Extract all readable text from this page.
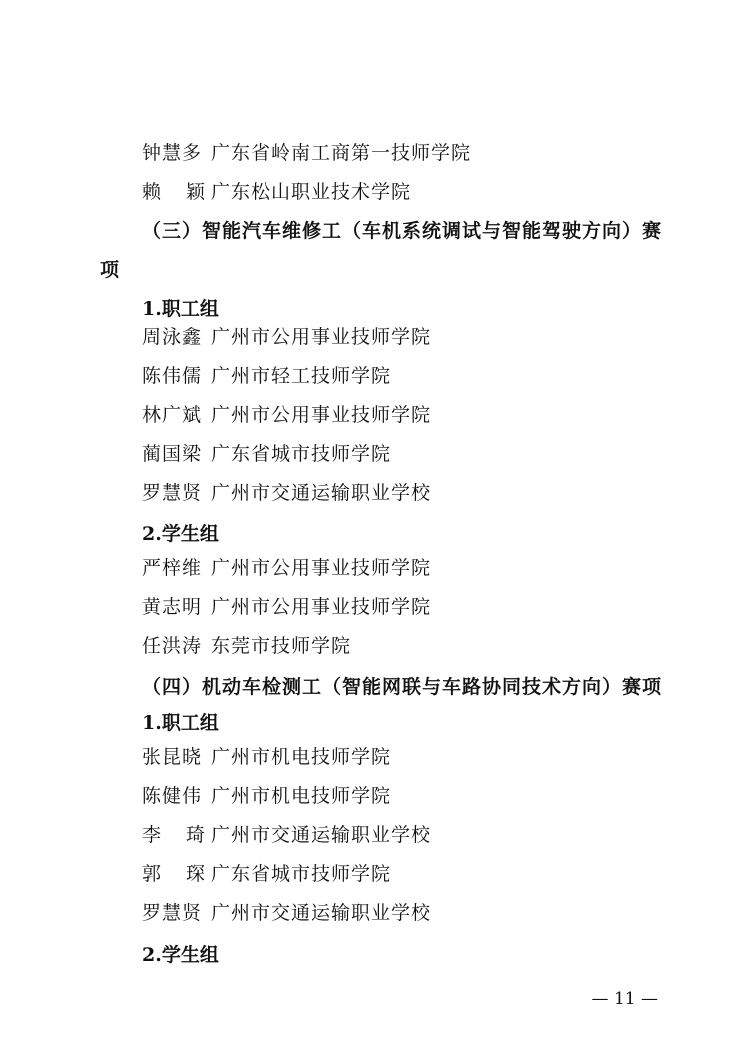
钟慧多 广东省岭南工商第一技师学院
赖 颖 广东松山职业技术学院
（三）智能汽车维修工（车机系统调试与智能驾驶方向）赛
项
1.职工组
周泳鑫 广州市公用事业技师学院
陈伟儒 广州市轻工技师学院
林广斌 广州市公用事业技师学院
蔺国梁 广东省城市技师学院
罗慧贤 广州市交通运输职业学校
2.学生组
严梓维 广州市公用事业技师学院
黄志明 广州市公用事业技师学院
任洪涛 东莞市技师学院
（四）机动车检测工（智能网联与车路协同技术方向）赛项
1.职工组
张昆晓 广州市机电技师学院
陈健伟 广州市机电技师学院
李 琦 广州市交通运输职业学校
郭 琛 广东省城市技师学院
罗慧贤 广州市交通运输职业学校
2.学生组
— 11 —
